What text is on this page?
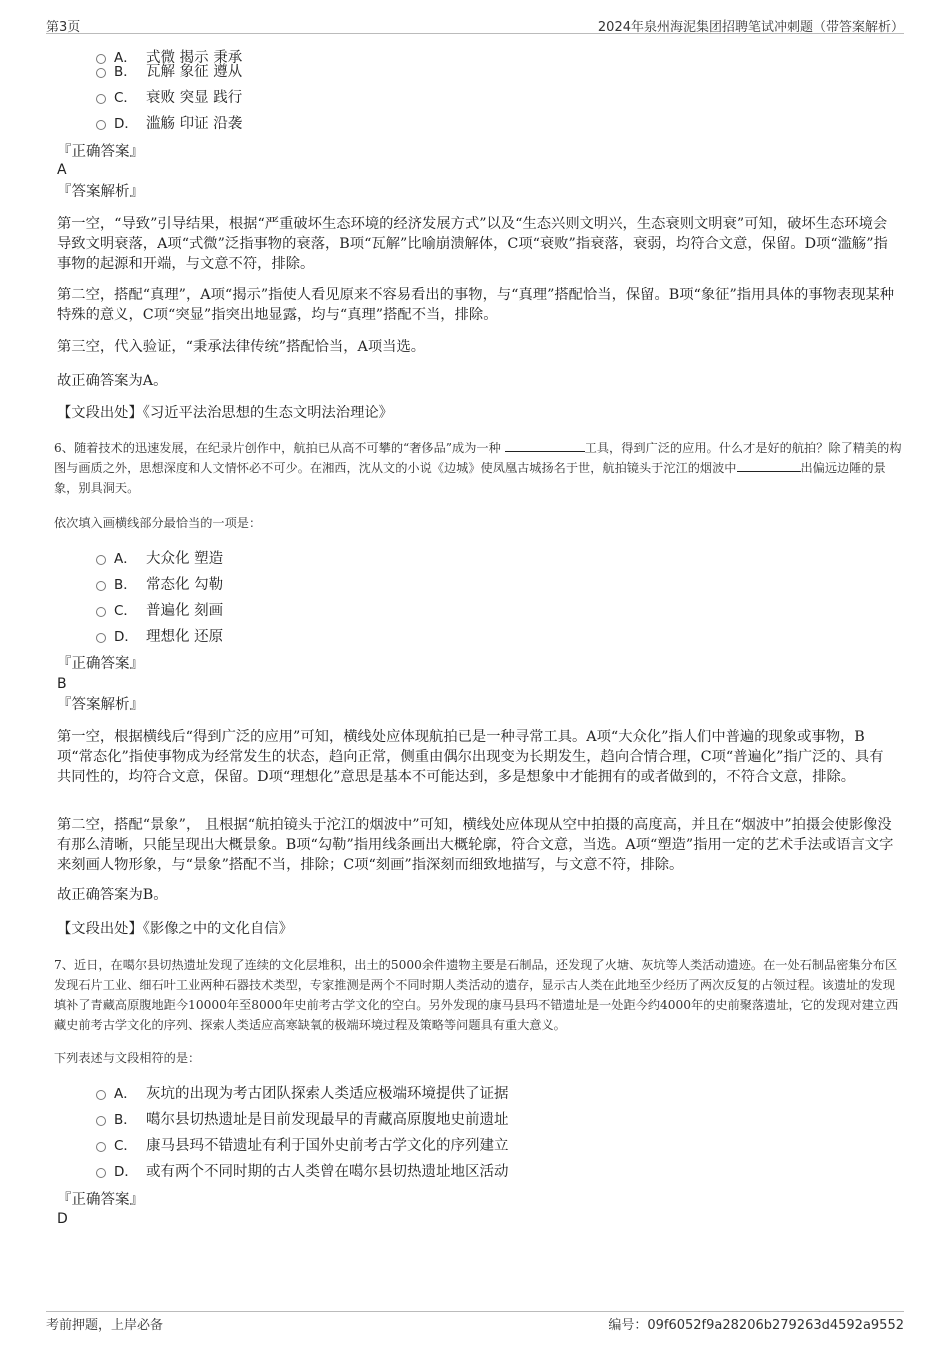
第3页	2024年泉州海泥集团招聘笔试冲刺题（带答案解析）
A． 式微 揭示 秉承
B． 瓦解 象征 遵从
C． 衰败 突显 践行
D． 滥觞 印证 沿袭
『正确答案』
A
『答案解析』
第一空，“导致”引导结果，根据“严重破坏生态环境的经济发展方式”以及“生态兴则文明兴，生态衰则文明衰”可知，破坏生态环境会导致文明衰落，A项“式微”泛指事物的衰落，B项“瓦解”比喻崩溃解体，C项“衰败”指衰落，衰弱，均符合文意，保留。D项“滥觞”指事物的起源和开端，与文意不符，排除。
第二空，搭配“真理”，A项“揭示”指使人看见原来不容易看出的事物，与“真理”搭配恰当，保留。B项“象征”指用具体的事物表现某种特殊的意义，C项“突显”指突出地显露，均与“真理”搭配不当，排除。
第三空，代入验证，“秉承法律传统”搭配恰当，A项当选。
故正确答案为A。
【文段出处】《习近平法治思想的生态文明法治理论》
6、随着技术的迅速发展，在纪录片创作中，航拍已从高不可攀的“奢侈品”成为一种	工具，得到广泛的应用。什么才是好的航拍？除了精美的构图与画质之外，思想深度和人文情怀必不可少。在湘西，沈从文的小说《边城》使凤凰古城扬名于世，航拍镜头于沱江的烟波中	出偏远边陲的景象，别具洞天。
依次填入画横线部分最恰当的一项是：
A． 大众化 塑造
B． 常态化 勾勒
C． 普遍化 刻画
D． 理想化 还原
『正确答案』
B
『答案解析』
第一空，根据横线后“得到广泛的应用”可知，横线处应体现航拍已是一种寻常工具。A项“大众化”指人们中普遍的现象或事物，B项“常态化”指使事物成为经常发生的状态，趋向正常，侧重由偶尔出现变为长期发生，趋向合情合理，C项“普遍化”指广泛的、具有共同性的，均符合文意，保留。D项“理想化”意思是基本不可能达到，多是想象中才能拥有的或者做到的，不符合文意，排除。
第二空，搭配“景象”， 且根据“航拍镜头于沱江的烟波中”可知，横线处应体现从空中拍摄的高度高，并且在“烟波中”拍摄会使影像没有那么清晰，只能呈现出大概景象。B项“勾勒”指用线条画出大概轮廓，符合文意，当选。A项“塑造”指用一定的艺术手法或语言文字来刻画人物形象，与“景象”搭配不当，排除；C项“刻画”指深刻而细致地描写，与文意不符，排除。
故正确答案为B。
【文段出处】《影像之中的文化自信》
7、近日，在噶尔县切热遗址发现了连续的文化层堆积，出土的5000余件遗物主要是石制品，还发现了火塘、灰坑等人类活动遗迹。在一处石制品密集分布区发现石片工业、细石叶工业两种石器技术类型，专家推测是两个不同时期人类活动的遗存，显示古人类在此地至少经历了两次反复的占领过程。该遗址的发现填补了青藏高原腹地距今10000年至8000年史前考古学文化的空白。另外发现的康马县玛不错遗址是一处距今约4000年的史前聚落遗址，它的发现对建立西藏史前考古学文化的序列、探索人类适应高寒缺氧的极端环境过程及策略等问题具有重大意义。
下列表述与文段相符的是：
A． 灰坑的出现为考古团队探索人类适应极端环境提供了证据
B． 噶尔县切热遗址是目前发现最早的青藏高原腹地史前遗址
C． 康马县玛不错遗址有利于国外史前考古学文化的序列建立
D． 或有两个不同时期的古人类曾在噶尔县切热遗址地区活动
『正确答案』
D
考前押题，上岸必备	编号：09f6052f9a28206b279263d4592a9552
